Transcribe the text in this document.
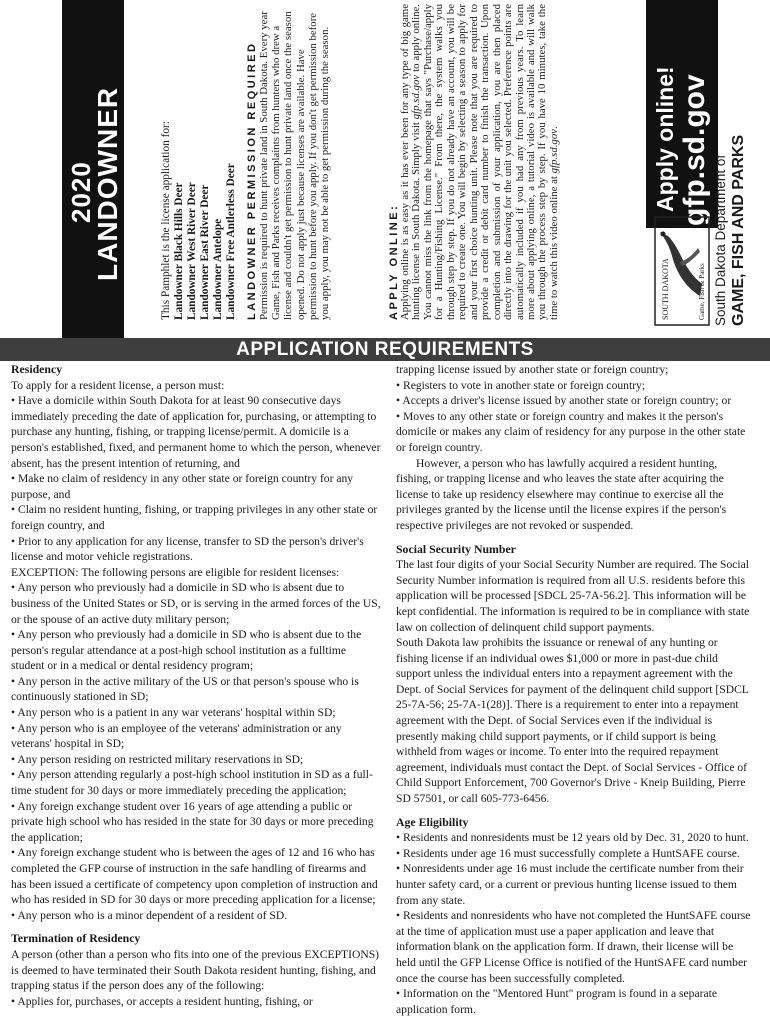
2020
LANDOWNER	This Pamphlet is the license application for: Landowner Black Hills Deer Landowner West River Deer Landowner East River Deer Landowner Antelope Landowner Free Antlerless Deer LANDOWNER PERMISSION REQUIRED Permission is required to hunt private land in South Dakota. Every year Game, Fish and Parks receives complaints from hunters who drew a license and couldn't get permission to hunt private land once the season opened. Do not apply just because licenses are available. Have permission to hunt before you apply. If you don't get permission before you apply, you may not be able to get permission during the season.	APPLY ONLINE: Applying online is as easy as it has ever been for any type of big game hunting license in South Dakota. Simply visit gfp.sd.gov to apply online. You cannot miss the link from the homepage that says "Purchase/apply for a Hunting/Fishing License." From there, the system walks you through step by step. If you do not already have an account, you will be required to create one. You will begin by selecting a season to apply for and your first choice hunting unit. Please note that you are required to provide a credit or debit card number to finish the transaction. Upon completion and submission of your application, you are then placed directly into the drawing for the unit you selected. Preference points are automatically included if you had any from previous years. To learn more about applying online, a tutorial video is available and will walk you through the process step by step. If you have 10 minutes, take the time to watch this video online at gfp.sd.gov.	Apply online! gfp.sd.gov
South Dakota Department of GAME, FISH AND PARKS
SOUTH DAKOTA	Game, Fish & Parks
APPLICATION REQUIREMENTS
Residency

To apply for a resident license, a person must:

• Have a domicile within South Dakota for at least 90 consecutive days immediately preceding the date of application for, purchasing, or attempting to purchase any hunting, fishing, or trapping license/permit. A domicile is a person's established, fixed, and permanent home to which the person, whenever absent, has the present intention of returning, and

• Make no claim of residency in any other state or foreign country for any purpose, and

• Claim no resident hunting, fishing, or trapping privileges in any other state or foreign country, and

• Prior to any application for any license, transfer to SD the person's driver's license and motor vehicle registrations.

EXCEPTION: The following persons are eligible for resident licenses:

• Any person who previously had a domicile in SD who is absent due to business of the United States or SD, or is serving in the armed forces of the US, or the spouse of an active duty military person;

• Any person who previously had a domicile in SD who is absent due to the person's regular attendance at a post-high school institution as a fulltime student or in a medical or dental residency program;

• Any person in the active military of the US or that person's spouse who is continuously stationed in SD;

• Any person who is a patient in any war veterans' hospital within SD;

• Any person who is an employee of the veterans' administration or any veterans' hospital in SD;

• Any person residing on restricted military reservations in SD;

• Any person attending regularly a post-high school institution in SD as a full-time student for 30 days or more immediately preceding the application;

• Any foreign exchange student over 16 years of age attending a public or private high school who has resided in the state for 30 days or more preceding the application;

• Any foreign exchange student who is between the ages of 12 and 16 who has completed the GFP course of instruction in the safe handling of firearms and has been issued a certificate of competency upon completion of instruction and who has resided in SD for 30 days or more preceding application for a license;

• Any person who is a minor dependent of a resident of SD.

Termination of Residency

A person (other than a person who fits into one of the previous EXCEPTIONS) is deemed to have terminated their South Dakota resident hunting, fishing, and trapping status if the person does any of the following:

• Applies for, purchases, or accepts a resident hunting, fishing, or

trapping license issued by another state or foreign country;

• Registers to vote in another state or foreign country;

• Accepts a driver's license issued by another state or foreign country; or

• Moves to any other state or foreign country and makes it the person's domicile or makes any claim of residency for any purpose in the other state or foreign country.

However, a person who has lawfully acquired a resident hunting, fishing, or trapping license and who leaves the state after acquiring the license to take up residency elsewhere may continue to exercise all the privileges granted by the license until the license expires if the person's respective privileges are not revoked or suspended.

Social Security Number

The last four digits of your Social Security Number are required. The Social Security Number information is required from all U.S. residents before this application will be processed [SDCL 25-7A-56.2]. This information will be kept confidential. The information is required to be in compliance with state law on collection of delinquent child support payments.

South Dakota law prohibits the issuance or renewal of any hunting or fishing license if an individual owes $1,000 or more in past-due child support unless the individual enters into a repayment agreement with the Dept. of Social Services for payment of the delinquent child support [SDCL 25-7A-56; 25-7A-1(28)]. There is a requirement to enter into a repayment agreement with the Dept. of Social Services even if the individual is presently making child support payments, or if child support is being withheld from wages or income. To enter into the required repayment agreement, individuals must contact the Dept. of Social Services - Office of Child Support Enforcement, 700 Governor's Drive - Kneip Building, Pierre SD 57501, or call 605-773-6456.

Age Eligibility

• Residents and nonresidents must be 12 years old by Dec. 31, 2020 to hunt.

• Residents under age 16 must successfully complete a HuntSAFE course.

• Nonresidents under age 16 must include the certificate number from their hunter safety card, or a current or previous hunting license issued to them from any state.

• Residents and nonresidents who have not completed the HuntSAFE course at the time of application must use a paper application and leave that information blank on the application form. If drawn, their license will be held until the GFP License Office is notified of the HuntSAFE card number once the course has been successfully completed.

• Information on the "Mentored Hunt" program is found in a separate application form.
